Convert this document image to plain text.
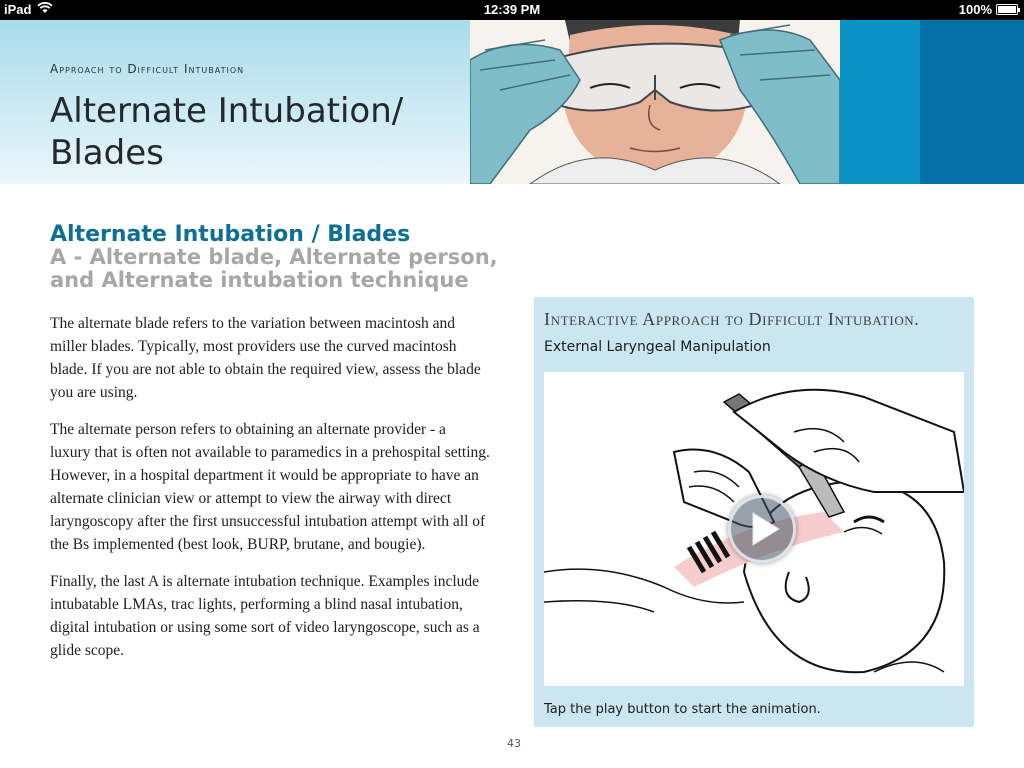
iPad	12:39 PM	100%
Approach to Difficult Intubation
Alternate Intubation/ Blades
Alternate Intubation / Blades
A - Alternate blade, Alternate person, and Alternate intubation technique

The alternate blade refers to the variation between macintosh and miller blades. Typically, most providers use the curved macintosh blade. If you are not able to obtain the required view, assess the blade you are using.

The alternate person refers to obtaining an alternate provider - a luxury that is often not available to paramedics in a prehospital setting. However, in a hospital department it would be appropriate to have an alternate clinician view or attempt to view the airway with direct laryngoscopy after the first unsuccessful intubation attempt with all of the Bs implemented (best look, BURP, brutane, and bougie).

Finally, the last A is alternate intubation technique. Examples include intubatable LMAs, trac lights, performing a blind nasal intubation, digital intubation or using some sort of video laryngoscope, such as a glide scope.

Interactive Approach to Difficult Intubation.
External Laryngeal Manipulation
Tap the play button to start the animation.
43
